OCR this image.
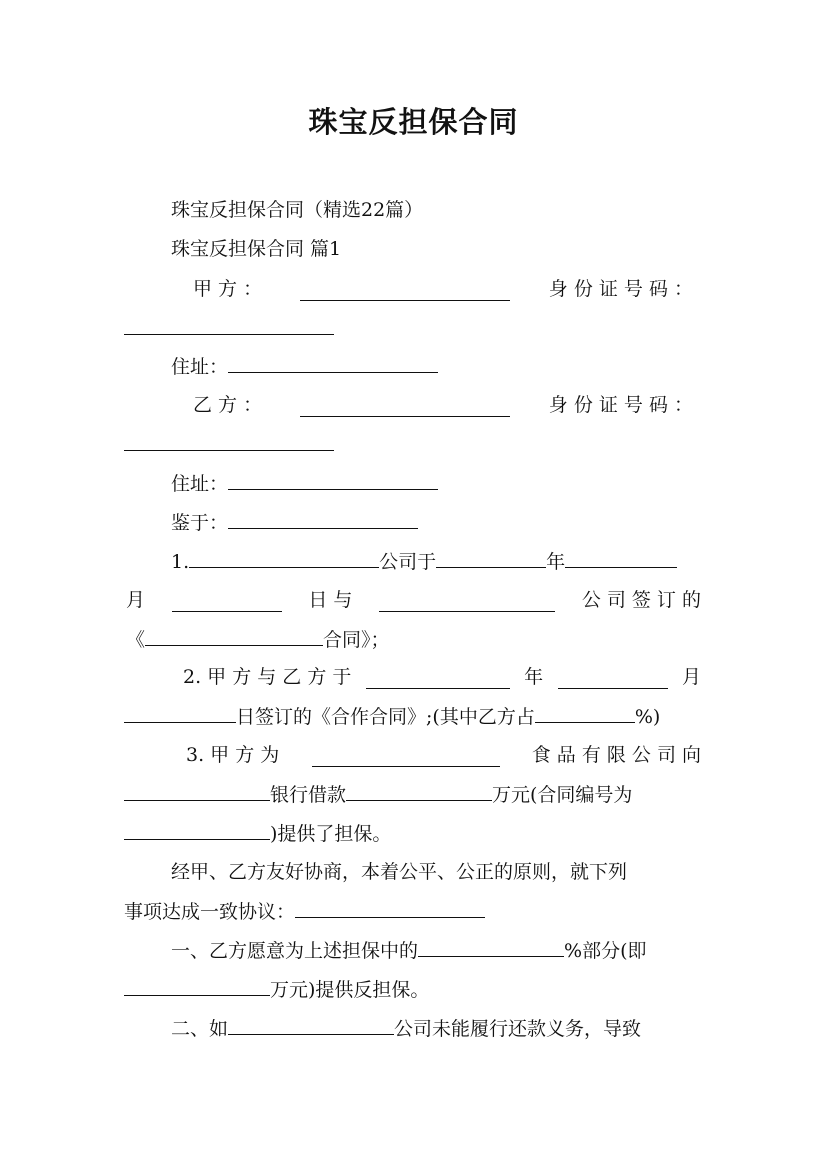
珠宝反担保合同
珠宝反担保合同（精选22篇）
珠宝反担保合同 篇1
甲 方 ：	身 份 证 号 码 ：
住址：
乙 方 ：	身 份 证 号 码 ：
住址：
鉴于：
1.	公司于	年
月	日 与	公 司 签 订 的
《	合同》；
2. 甲 方 与 乙 方 于	年	月
日签订的《合作合同》;(其中乙方占	%)
3. 甲 方 为	食 品 有 限 公 司 向
银行借款	万元(合同编号为
)提供了担保。
经甲、乙方友好协商，本着公平、公正的原则，就下列
事项达成一致协议：
一、乙方愿意为上述担保中的	%部分(即
万元)提供反担保。
二、如	公司未能履行还款义务，导致
